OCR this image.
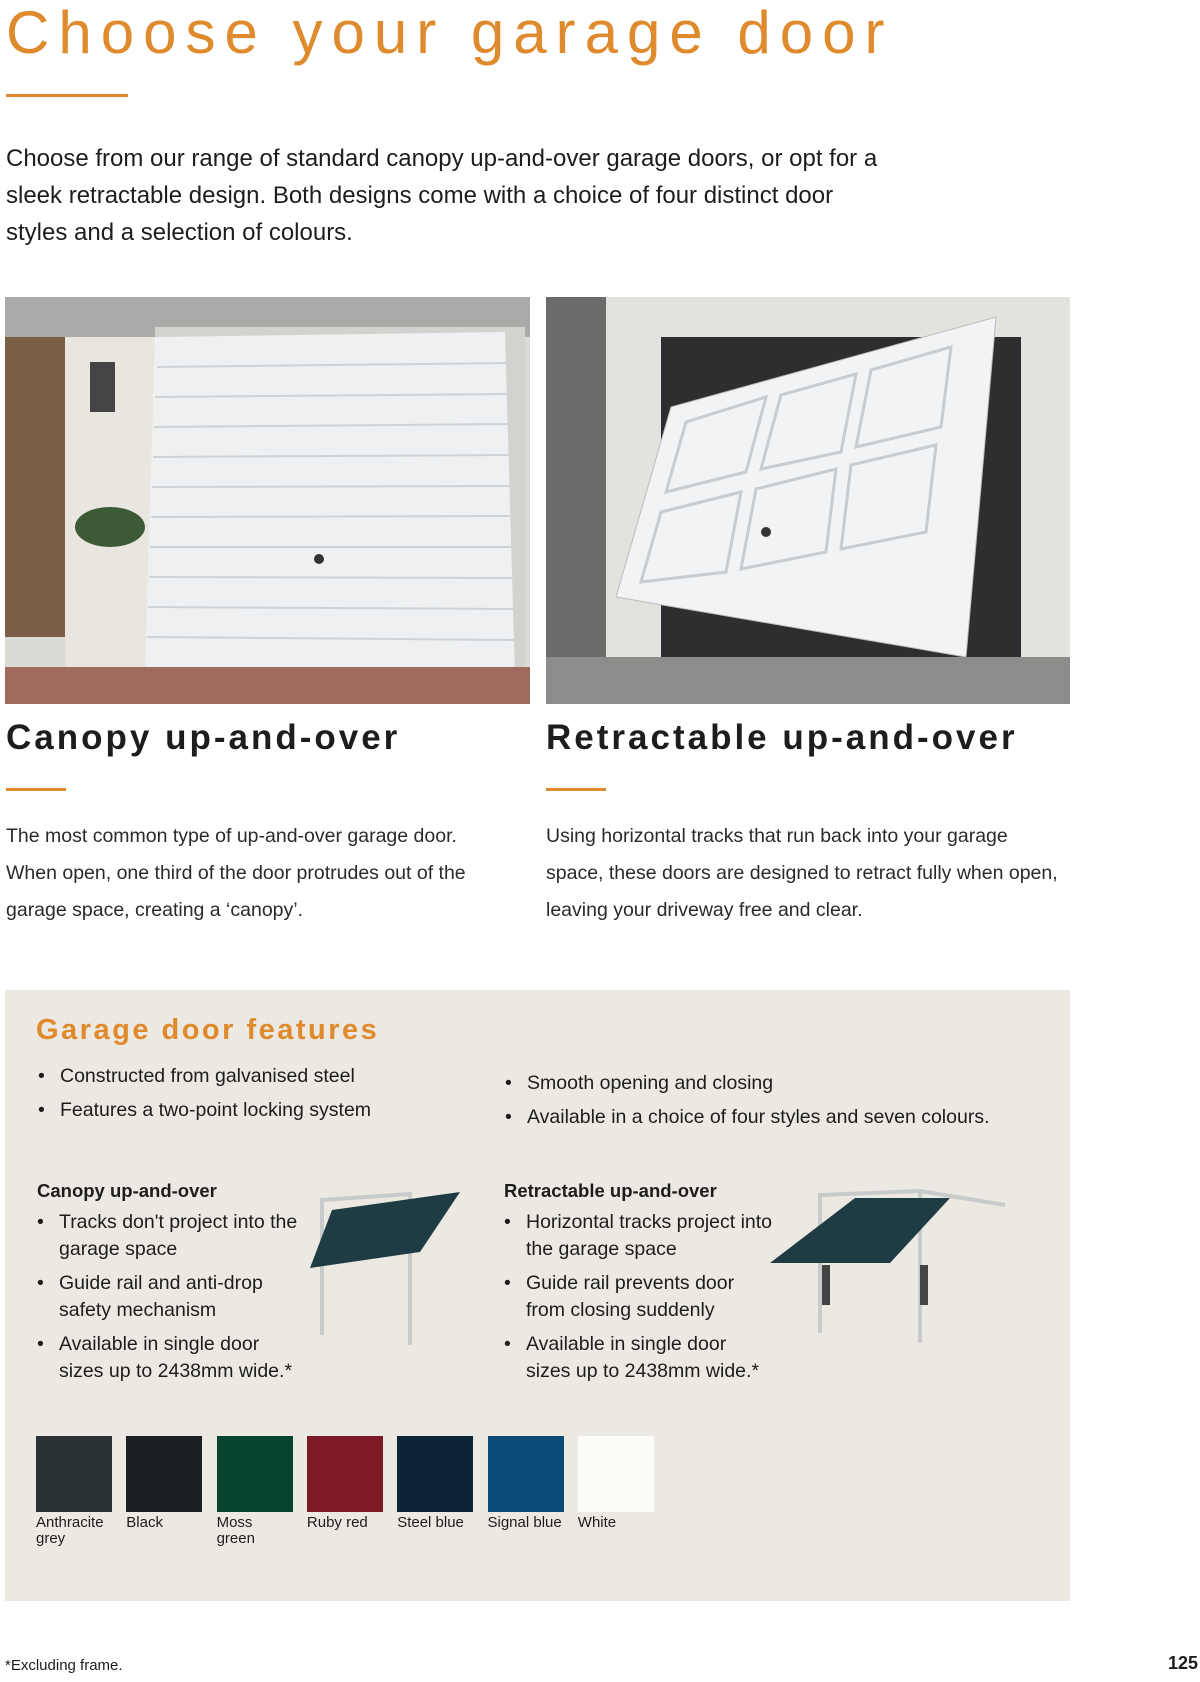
Choose your garage door
Choose from our range of standard canopy up-and-over garage doors, or opt for a sleek retractable design. Both designs come with a choice of four distinct door styles and a selection of colours.
Canopy up-and-over
The most common type of up-and-over garage door. When open, one third of the door protrudes out of the garage space, creating a ‘canopy’.
Retractable up-and-over
Using horizontal tracks that run back into your garage space, these doors are designed to retract fully when open, leaving your driveway free and clear.
Garage door features
• Constructed from galvanised steel
• Features a two-point locking system
• Smooth opening and closing
• Available in a choice of four styles and seven colours.
Canopy up-and-over
• Tracks don't project into the garage space
• Guide rail and anti-drop safety mechanism
• Available in single door sizes up to 2438mm wide.*
Retractable up-and-over
• Horizontal tracks project into the garage space
• Guide rail prevents door from closing suddenly
• Available in single door sizes up to 2438mm wide.*
Anthracite grey
Black	Moss green
Ruby red	Steel blue	Signal blue White
*Excluding frame.	125
